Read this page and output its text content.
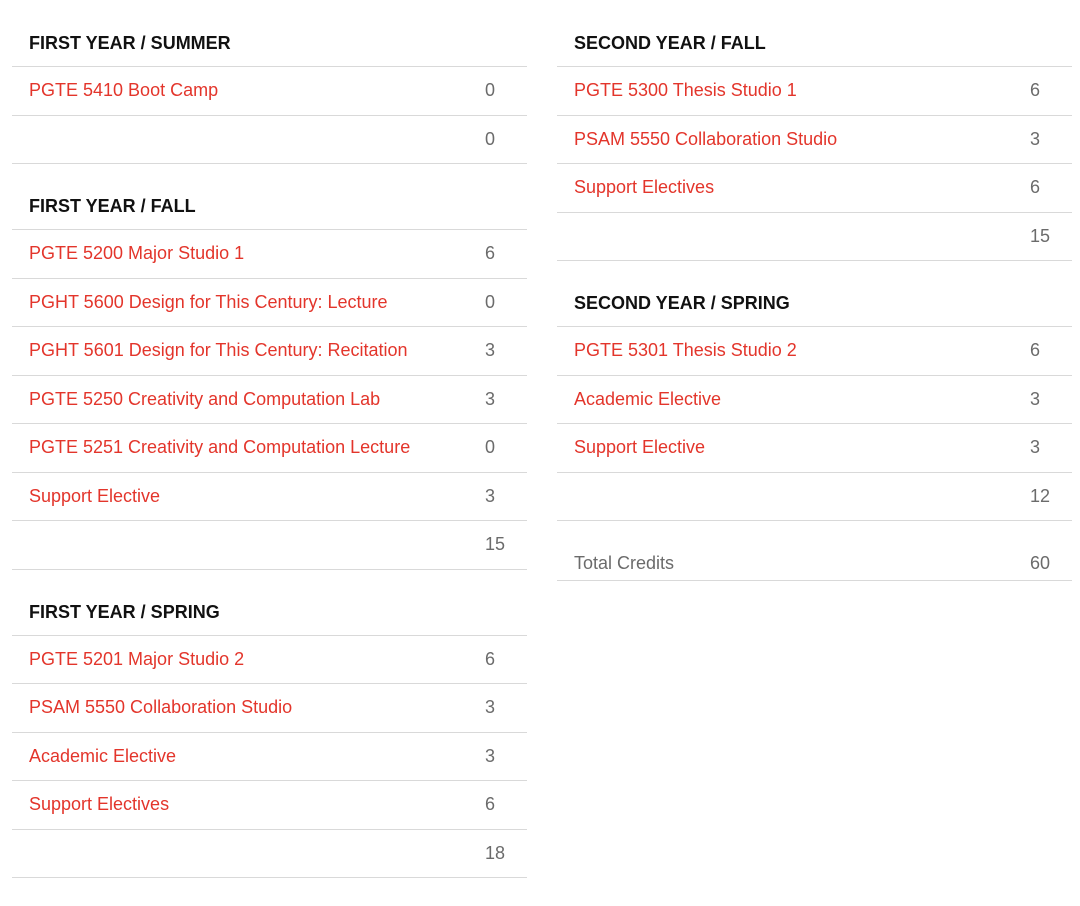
FIRST YEAR / SUMMER
PGTE 5410 Boot Camp	0
0
FIRST YEAR / FALL
PGTE 5200 Major Studio 1	6
PGHT 5600 Design for This Century: Lecture	0
PGHT 5601 Design for This Century: Recitation	3
PGTE 5250 Creativity and Computation Lab	3
PGTE 5251 Creativity and Computation Lecture	0
Support Elective	3
15
FIRST YEAR / SPRING
PGTE 5201 Major Studio 2	6
PSAM 5550 Collaboration Studio	3
Academic Elective	3
Support Electives	6
18
SECOND YEAR / FALL
PGTE 5300 Thesis Studio 1	6
PSAM 5550 Collaboration Studio	3
Support Electives	6
15
SECOND YEAR / SPRING
PGTE 5301 Thesis Studio 2	6
Academic Elective	3
Support Elective	3
12
Total Credits	60
